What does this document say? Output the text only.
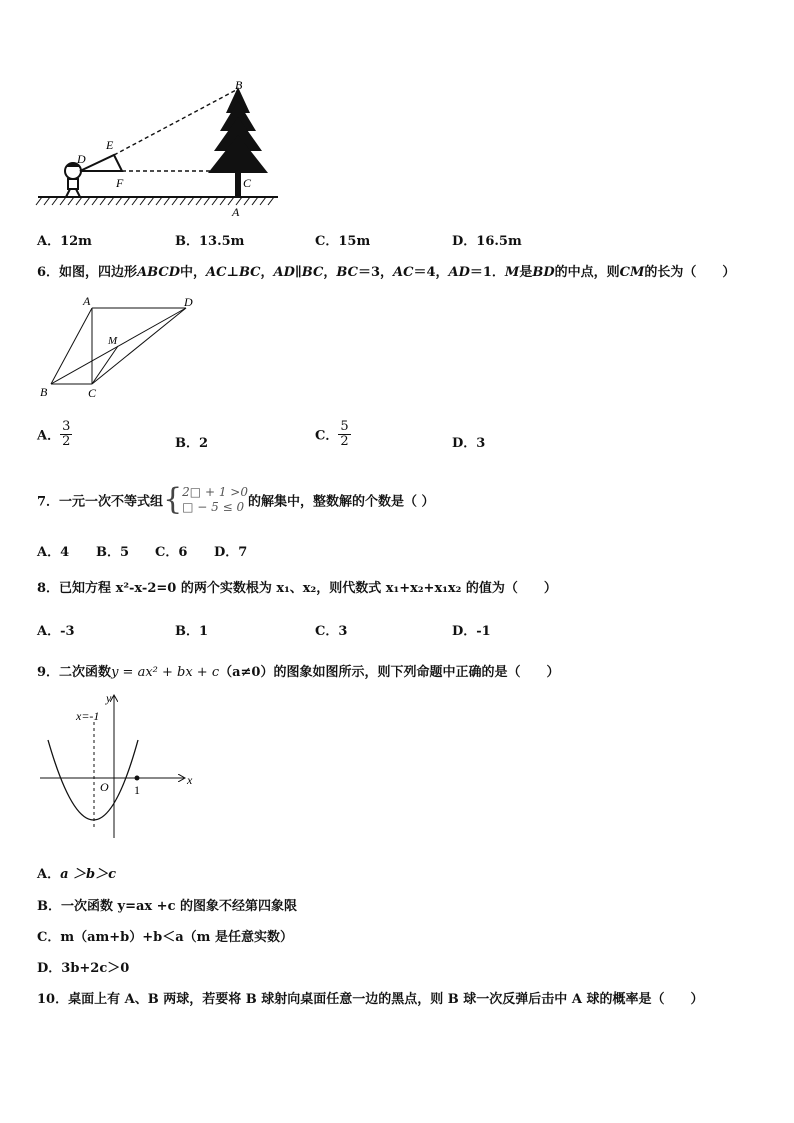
B
E
D
F	C
A
A．12m	B．13.5m	C．15m	D．16.5m
6．如图，四边形ABCD中，AC⊥BC，AD∥BC，BC＝3，AC＝4，AD＝1．M是BD的中点，则CM的长为（　　）
A	D
M
B	C
A． $\frac{3}{2}$	B．2	C． $\frac{5}{2}$	D．3
7．一元一次不等式组 { 2□ + 1 >0
□ − 5 ≤ 0 的解集中，整数解的个数是（ ）
A．4 B．5 C．6 D．7
8．已知方程 x²-x-2=0 的两个实数根为 x₁、x₂，则代数式 x₁+x₂+x₁x₂ 的值为（　　）
A．-3	B．1	C．3	D．-1
9．二次函数y = ax² + bx + c（a≠0）的图象如图所示，则下列命题中正确的是（　　）
y
x
x=-1
O 1
A．a ＞b＞c
B．一次函数 y=ax +c 的图象不经第四象限
C．m（am+b）+b＜a（m 是任意实数）
D．3b+2c＞0
10．桌面上有 A、B 两球，若要将 B 球射向桌面任意一边的黑点，则 B 球一次反弹后击中 A 球的概率是（　　）
